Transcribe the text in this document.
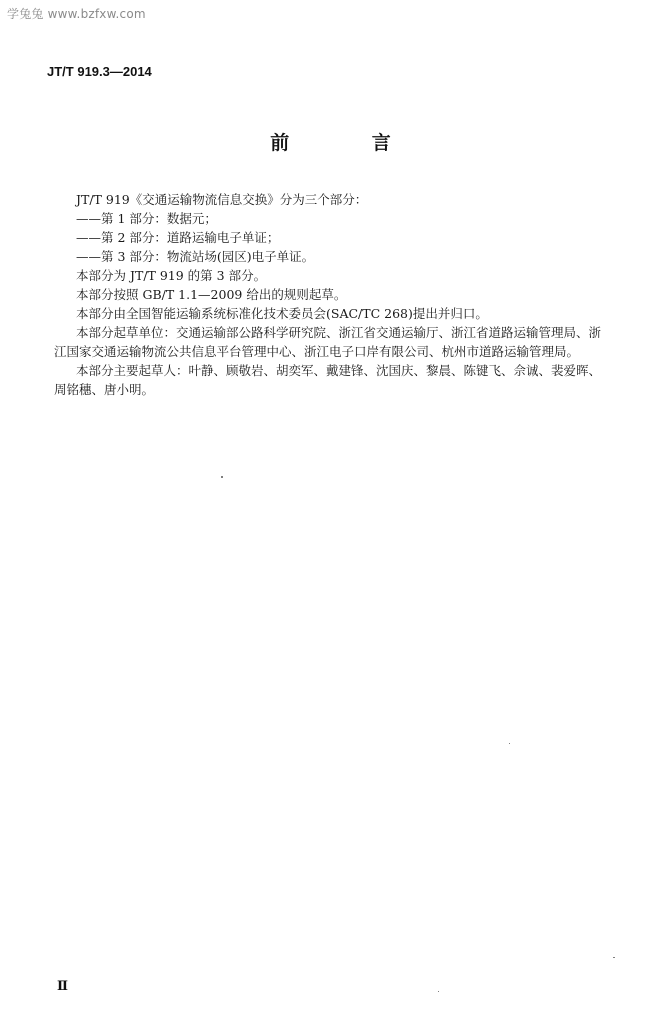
学兔兔 www.bzfxw.com
JT/T 919.3—2014
前 言

JT/T 919《交通运输物流信息交换》分为三个部分：

——第 1 部分：数据元；

——第 2 部分：道路运输电子单证；

——第 3 部分：物流站场(园区)电子单证。

本部分为 JT/T 919 的第 3 部分。

本部分按照 GB/T 1.1—2009 给出的规则起草。

本部分由全国智能运输系统标准化技术委员会(SAC/TC 268)提出并归口。

本部分起草单位：交通运输部公路科学研究院、浙江省交通运输厅、浙江省道路运输管理局、浙江国家交通运输物流公共信息平台管理中心、浙江电子口岸有限公司、杭州市道路运输管理局。

本部分主要起草人：叶静、顾敬岩、胡奕军、戴建锋、沈国庆、黎晨、陈键飞、佘诚、裴爱晖、周铭穗、唐小明。

Ⅱ
